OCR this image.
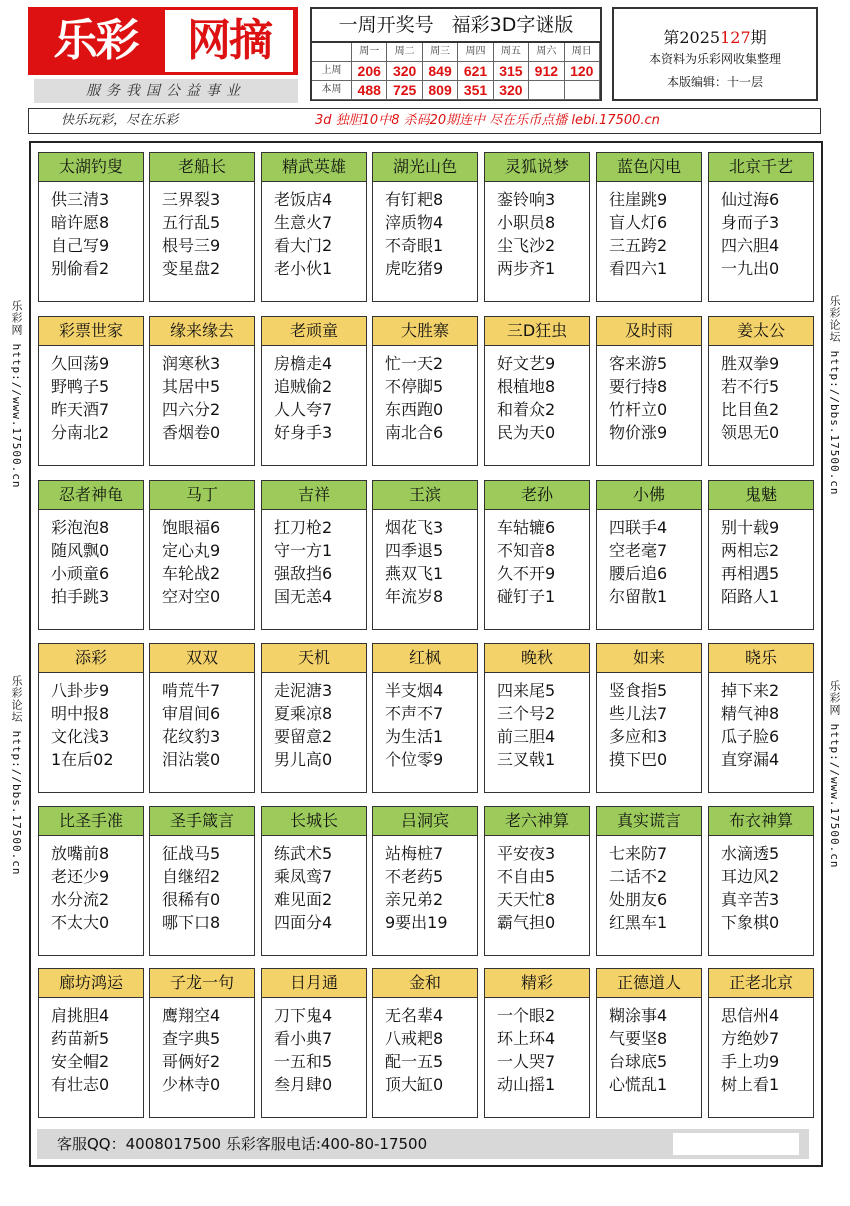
乐彩	网摘
服务我国公益事业
一周开奖号 福彩3D字谜版
周一	周二	周三	周四	周五	周六	周日
上周	206 320 849 621 315 912 120
本周	488 725 809 351 320
第2025127期
本资料为乐彩网收集整理
本版编辑：十一层
快乐玩彩，尽在乐彩	3d 独胆10中8 杀码20期连中 尽在乐币点播 lebi.17500.cn
乐彩网 http://www.17500.cn
乐彩论坛 http://bbs.17500.cn
乐彩论坛 http://bbs.17500.cn
乐彩网 http://www.17500.cn
太湖钓叟
供三清3
暗许愿8
自己写9
别偷看2
老船长
三界裂3
五行乱5
根号三9
变星盘2
精武英雄
老饭店4
生意火7
看大门2
老小伙1
湖光山色
有钉耙8
滓质物4
不奇眼1
虎吃猪9
灵狐说梦
銮铃响3
小职员8
尘飞沙2
两步齐1
蓝色闪电
往崖跳9
盲人灯6
三五跨2
看四六1
北京千艺
仙过海6
身而子3
四六胆4
一九出0
彩票世家
久回荡9
野鸭子5
昨天酒7
分南北2
缘来缘去
润寒秋3
其居中5
四六分2
香烟卷0
老顽童
房檐走4
追贼偷2
人人夸7
好身手3
大胜寨
忙一天2
不停脚5
东西跑0
南北合6
三D狂虫
好文艺9
根植地8
和着众2
民为天0
及时雨
客来游5
要行持8
竹杆立0
物价涨9
姜太公
胜双拳9
若不行5
比目鱼2
领思无0
忍者神龟
彩泡泡8
随风飘0
小顽童6
拍手跳3
马丁
饱眼福6
定心丸9
车轮战2
空对空0
吉祥
扛刀枪2
守一方1
强敌挡6
国无恙4
王滨
烟花飞3
四季退5
燕双飞1
年流岁8
老孙
车轱辘6
不知音8
久不开9
碰钉子1
小佛
四联手4
空老毫7
腰后追6
尔留散1
鬼魅
别十载9
两相忘2
再相遇5
陌路人1
添彩
八卦步9
明中报8
文化浅3
1在后02
双双
啃荒牛7
审眉间6
花纹豹3
泪沾裳0
天机
走泥溏3
夏乘凉8
要留意2
男儿高0
红枫
半支烟4
不声不7
为生活1
个位零9
晚秋
四来尾5
三个号2
前三胆4
三叉戟1
如来
竖食指5
些儿法7
多应和3
摸下巴0
晓乐
掉下来2
精气神8
瓜子脸6
直穿漏4
比圣手准
放嘴前8
老还少9
水分流2
不太大0
圣手箴言
征战马5
自继绍2
很稀有0
哪下口8
长城长
练武术5
乘凤鸾7
难见面2
四面分4
吕洞宾
站梅桩7
不老药5
亲兄弟2
9要出19
老六神算
平安夜3
不自由5
天天忙8
霸气担0
真实谎言
七来防7
二话不2
处朋友6
红黑车1
布衣神算
水滴透5
耳边风2
真辛苦3
下象棋0
廊坊鸿运
肩挑胆4
药苗新5
安全帽2
有壮志0
子龙一句
鹰翔空4
查字典5
哥俩好2
少林寺0
日月通
刀下鬼4
看小典7
一五和5
叁月肆0
金和
无名辈4
八戒耙8
配一五5
顶大缸0
精彩
一个眼2
环上环4
一人哭7
动山摇1
正德道人
糊涂事4
气要坚8
台球底5
心慌乱1
正老北京
思信州4
方绝妙7
手上功9
树上看1
客服QQ：4008017500 乐彩客服电话:400-80-17500
